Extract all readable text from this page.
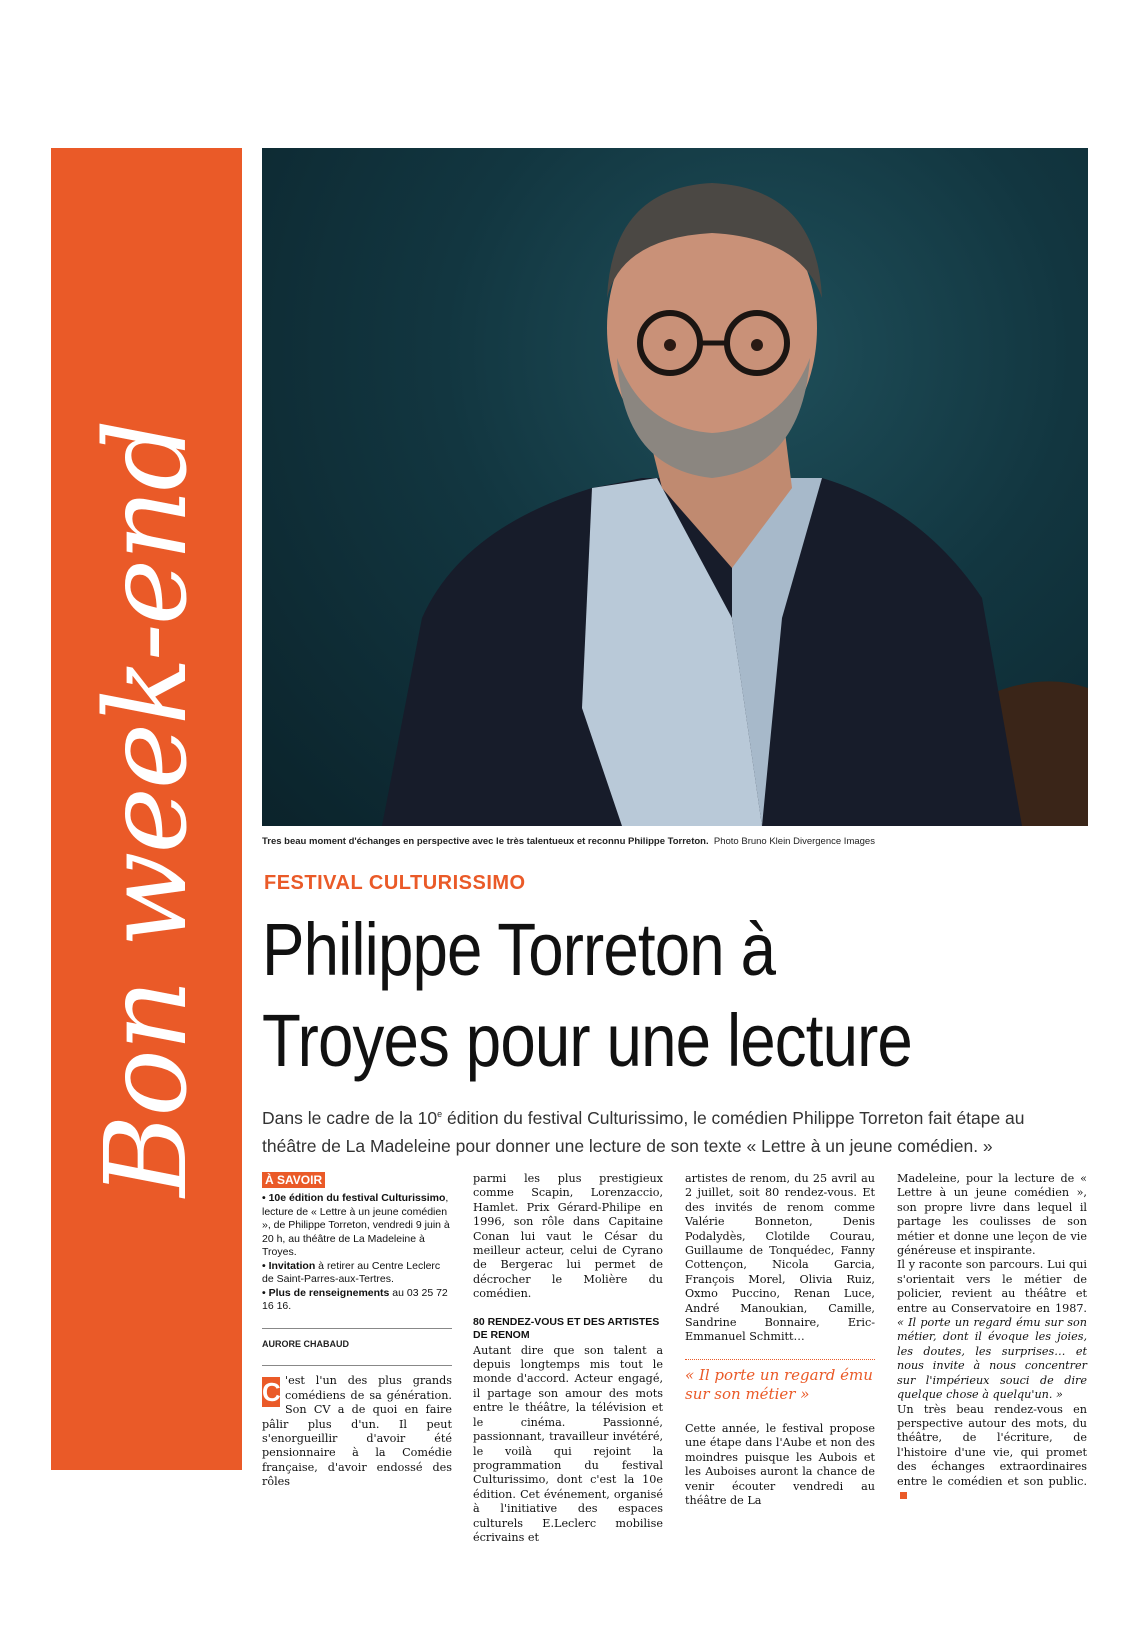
Bon week-end	Tres beau moment d'échanges en perspective avec le très talentueux et reconnu Philippe Torreton. Photo Bruno Klein Divergence Images
FESTIVAL CULTURISSIMO
Philippe Torreton à
Troyes pour une lecture
Dans le cadre de la 10e édition du festival Culturissimo, le comédien Philippe Torreton fait étape au théâtre de La Madeleine pour donner une lecture de son texte « Lettre à un jeune comédien. »
À SAVOIR

• 10e édition du festival Culturissimo, lecture de « Lettre à un jeune comédien », de Philippe Torreton, vendredi 9 juin à 20 h, au théâtre de La Madeleine à Troyes.

• Invitation à retirer au Centre Leclerc de Saint-Parres-aux-Tertres.

• Plus de renseignements au 03 25 72 16 16.

AURORE CHABAUD

C 'est l'un des plus grands comédiens de sa génération. Son CV a de quoi en faire pâlir plus d'un. Il peut s'enorgueillir d'avoir été pensionnaire à la Comédie française, d'avoir endossé des rôles

parmi les plus prestigieux comme Scapin, Lorenzaccio, Hamlet. Prix Gérard-Philipe en 1996, son rôle dans Capitaine Conan lui vaut le César du meilleur acteur, celui de Cyrano de Bergerac lui permet de décrocher le Molière du comédien.

80 RENDEZ-VOUS ET DES ARTISTES DE RENOM

Autant dire que son talent a depuis longtemps mis tout le monde d'accord. Acteur engagé, il partage son amour des mots entre le théâtre, la télévision et le cinéma. Passionné, passionnant, travailleur invétéré, le voilà qui rejoint la programmation du festival Culturissimo, dont c'est la 10e édition. Cet événement, organisé à l'initiative des espaces culturels E.Leclerc mobilise écrivains et

artistes de renom, du 25 avril au 2 juillet, soit 80 rendez-vous. Et des invités de renom comme Valérie Bonneton, Denis Podalydès, Clotilde Courau, Guillaume de Tonquédec, Fanny Cottençon, Nicola Garcia, François Morel, Olivia Ruiz, Oxmo Puccino, Renan Luce, André Manoukian, Camille, Sandrine Bonnaire, Eric-Emmanuel Schmitt…

« Il porte un regard ému sur son métier »

Cette année, le festival propose une étape dans l'Aube et non des moindres puisque les Aubois et les Auboises auront la chance de venir écouter vendredi au théâtre de La

Madeleine, pour la lecture de « Lettre à un jeune comédien », son propre livre dans lequel il partage les coulisses de son métier et donne une leçon de vie généreuse et inspirante.

Il y raconte son parcours. Lui qui s'orientait vers le métier de policier, revient au théâtre et entre au Conservatoire en 1987. « Il porte un regard ému sur son métier, dont il évoque les joies, les doutes, les surprises… et nous invite à nous concentrer sur l'impérieux souci de dire quelque chose à quelqu'un. »

Un très beau rendez-vous en perspective autour des mots, du théâtre, de l'écriture, de l'histoire d'une vie, qui promet des échanges extraordinaires entre le comédien et son public.
